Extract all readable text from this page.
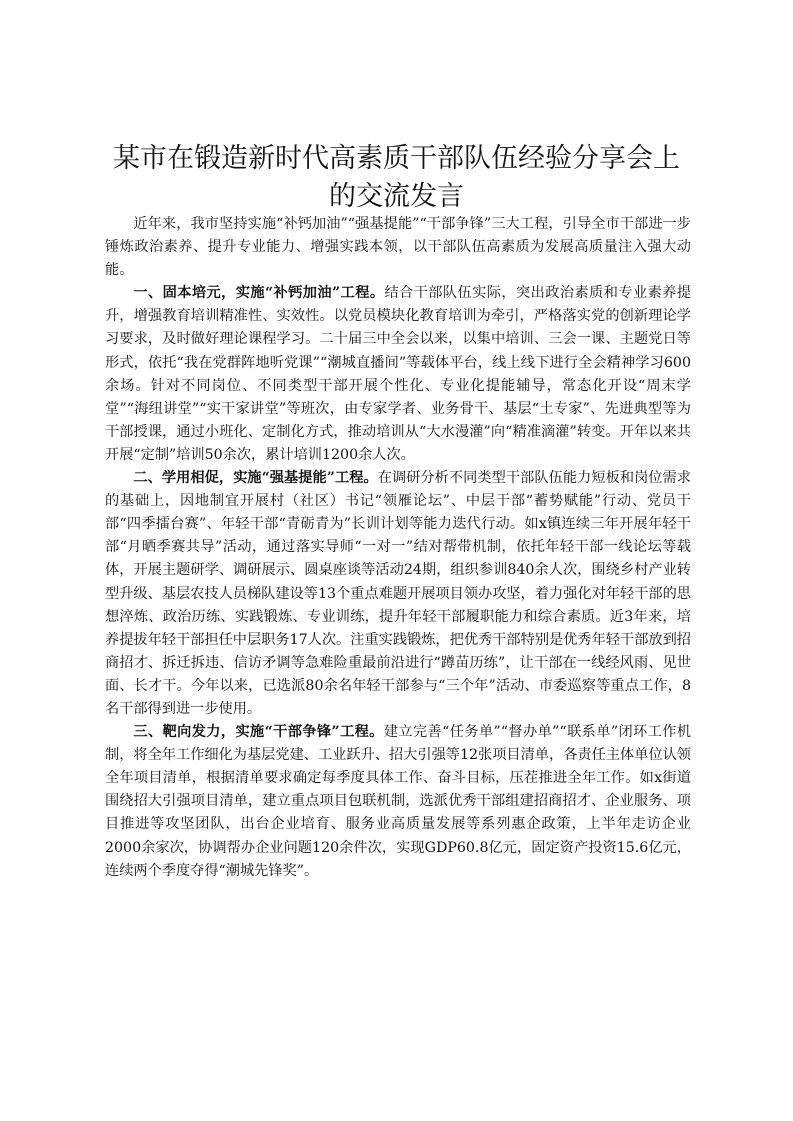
某市在锻造新时代高素质干部队伍经验分享会上的交流发言

近年来，我市坚持实施“补钙加油”“强基提能”“干部争锋”三大工程，引导全市干部进一步锤炼政治素养、提升专业能力、增强实践本领，以干部队伍高素质为发展高质量注入强大动能。

一、固本培元，实施“补钙加油”工程。结合干部队伍实际，突出政治素质和专业素养提升，增强教育培训精准性、实效性。以党员模块化教育培训为牵引，严格落实党的创新理论学习要求，及时做好理论课程学习。二十届三中全会以来，以集中培训、三会一课、主题党日等形式，依托“我在党群阵地听党课”“潮城直播间”等载体平台，线上线下进行全会精神学习600余场。针对不同岗位、不同类型干部开展个性化、专业化提能辅导，常态化开设“周末学堂”“海纽讲堂”“实干家讲堂”等班次，由专家学者、业务骨干、基层“土专家”、先进典型等为干部授课，通过小班化、定制化方式，推动培训从“大水漫灌”向“精准滴灌”转变。开年以来共开展“定制”培训50余次，累计培训1200余人次。

二、学用相促，实施“强基提能”工程。在调研分析不同类型干部队伍能力短板和岗位需求的基础上，因地制宜开展村（社区）书记“领雁论坛”、中层干部“蓄势赋能”行动、党员干部“四季擂台赛”、年轻干部“青砺青为”长训计划等能力迭代行动。如x镇连续三年开展年轻干部“月晒季赛共导”活动，通过落实导师“一对一”结对帮带机制，依托年轻干部一线论坛等载体，开展主题研学、调研展示、圆桌座谈等活动24期，组织参训840余人次，围绕乡村产业转型升级、基层农技人员梯队建设等13个重点难题开展项目领办攻坚，着力强化对年轻干部的思想淬炼、政治历练、实践锻炼、专业训练，提升年轻干部履职能力和综合素质。近3年来，培养提拔年轻干部担任中层职务17人次。注重实践锻炼，把优秀干部特别是优秀年轻干部放到招商招才、拆迁拆违、信访矛调等急难险重最前沿进行“蹲苗历练”，让干部在一线经风雨、见世面、长才干。今年以来，已选派80余名年轻干部参与“三个年”活动、市委巡察等重点工作，8名干部得到进一步使用。

三、靶向发力，实施“干部争锋”工程。建立完善“任务单”“督办单”“联系单”闭环工作机制，将全年工作细化为基层党建、工业跃升、招大引强等12张项目清单，各责任主体单位认领全年项目清单，根据清单要求确定每季度具体工作、奋斗目标，压茬推进全年工作。如x街道围绕招大引强项目清单，建立重点项目包联机制，选派优秀干部组建招商招才、企业服务、项目推进等攻坚团队，出台企业培育、服务业高质量发展等系列惠企政策，上半年走访企业2000余家次，协调帮办企业问题120余件次，实现GDP60.8亿元，固定资产投资15.6亿元，连续两个季度夺得“潮城先锋奖”。
